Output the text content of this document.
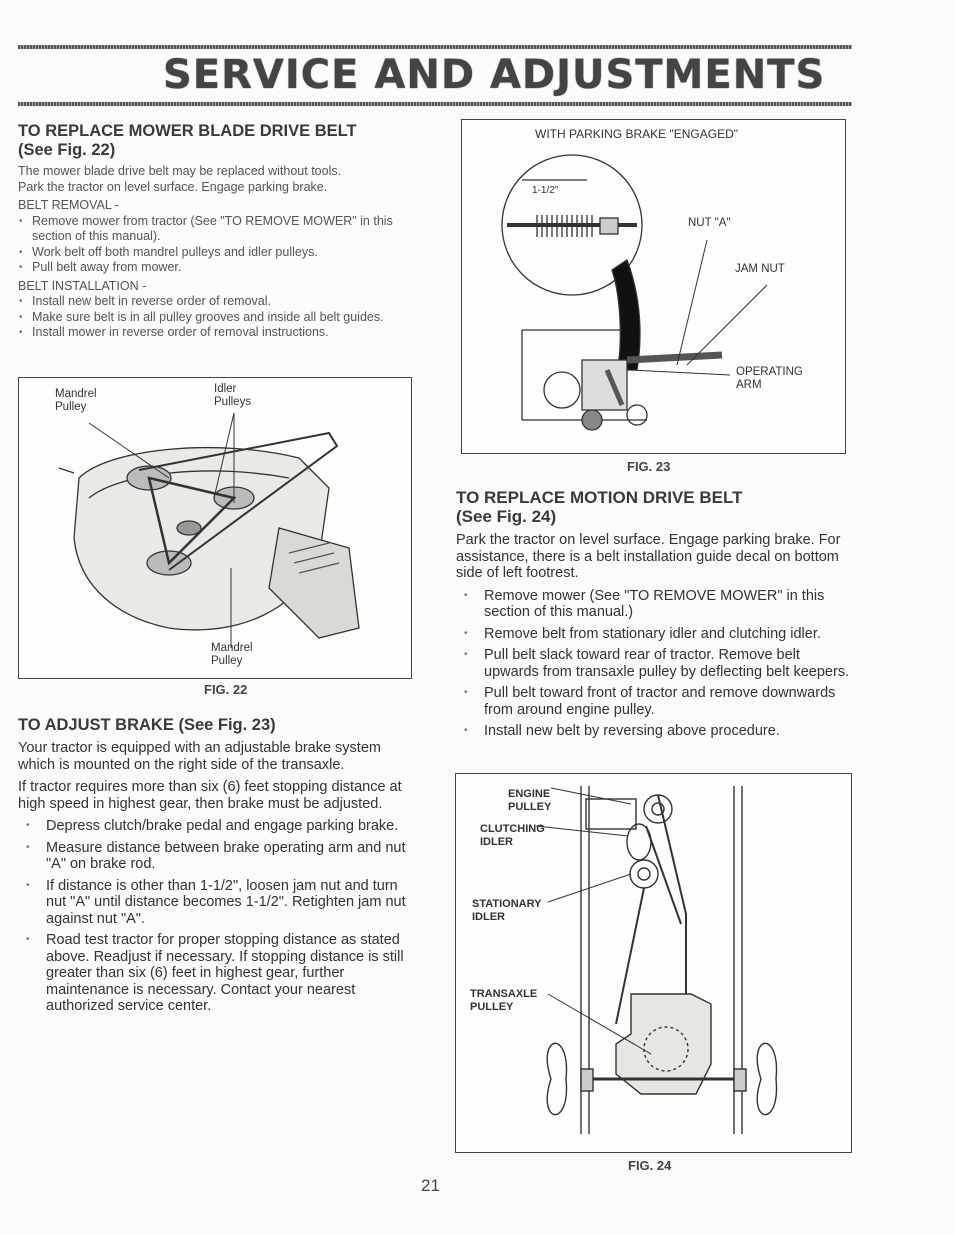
SERVICE AND ADJUSTMENTS

TO REPLACE MOWER BLADE DRIVE BELT

(See Fig. 22)

The mower blade drive belt may be replaced without tools.

Park the tractor on level surface. Engage parking brake.

BELT REMOVAL -

• Remove mower from tractor (See "TO REMOVE MOWER" in this section of this manual).
• Work belt off both mandrel pulleys and idler pulleys.
• Pull belt away from mower.

BELT INSTALLATION -

• Install new belt in reverse order of removal.
• Make sure belt is in all pulley grooves and inside all belt guides.
• Install mower in reverse order of removal instructions.

Mandrel
Pulley

Idler
Pulleys

Mandrel
Pulley

FIG. 22

TO ADJUST BRAKE (See Fig. 23)

Your tractor is equipped with an adjustable brake system which is mounted on the right side of the transaxle.

If tractor requires more than six (6) feet stopping distance at high speed in highest gear, then brake must be adjusted.

• Depress clutch/brake pedal and engage parking brake.
• Measure distance between brake operating arm and nut "A" on brake rod.
• If distance is other than 1-1/2", loosen jam nut and turn nut "A" until distance becomes 1-1/2". Retighten jam nut against nut "A".
• Road test tractor for proper stopping distance as stated above. Readjust if necessary. If stopping distance is still greater than six (6) feet in highest gear, further maintenance is necessary. Contact your nearest authorized service center.

WITH PARKING BRAKE "ENGAGED"

1-1/2"

NUT "A"

JAM NUT

OPERATING
ARM

FIG. 23

TO REPLACE MOTION DRIVE BELT

(See Fig. 24)

Park the tractor on level surface. Engage parking brake. For assistance, there is a belt installation guide decal on bottom side of left footrest.

• Remove mower (See "TO REMOVE MOWER" in this section of this manual.)
• Remove belt from stationary idler and clutching idler.
• Pull belt slack toward rear of tractor. Remove belt upwards from transaxle pulley by deflecting belt keepers.
• Pull belt toward front of tractor and remove downwards from around engine pulley.
• Install new belt by reversing above procedure.

ENGINE
PULLEY

CLUTCHING
IDLER

STATIONARY
IDLER

TRANSAXLE
PULLEY

FIG. 24

21
